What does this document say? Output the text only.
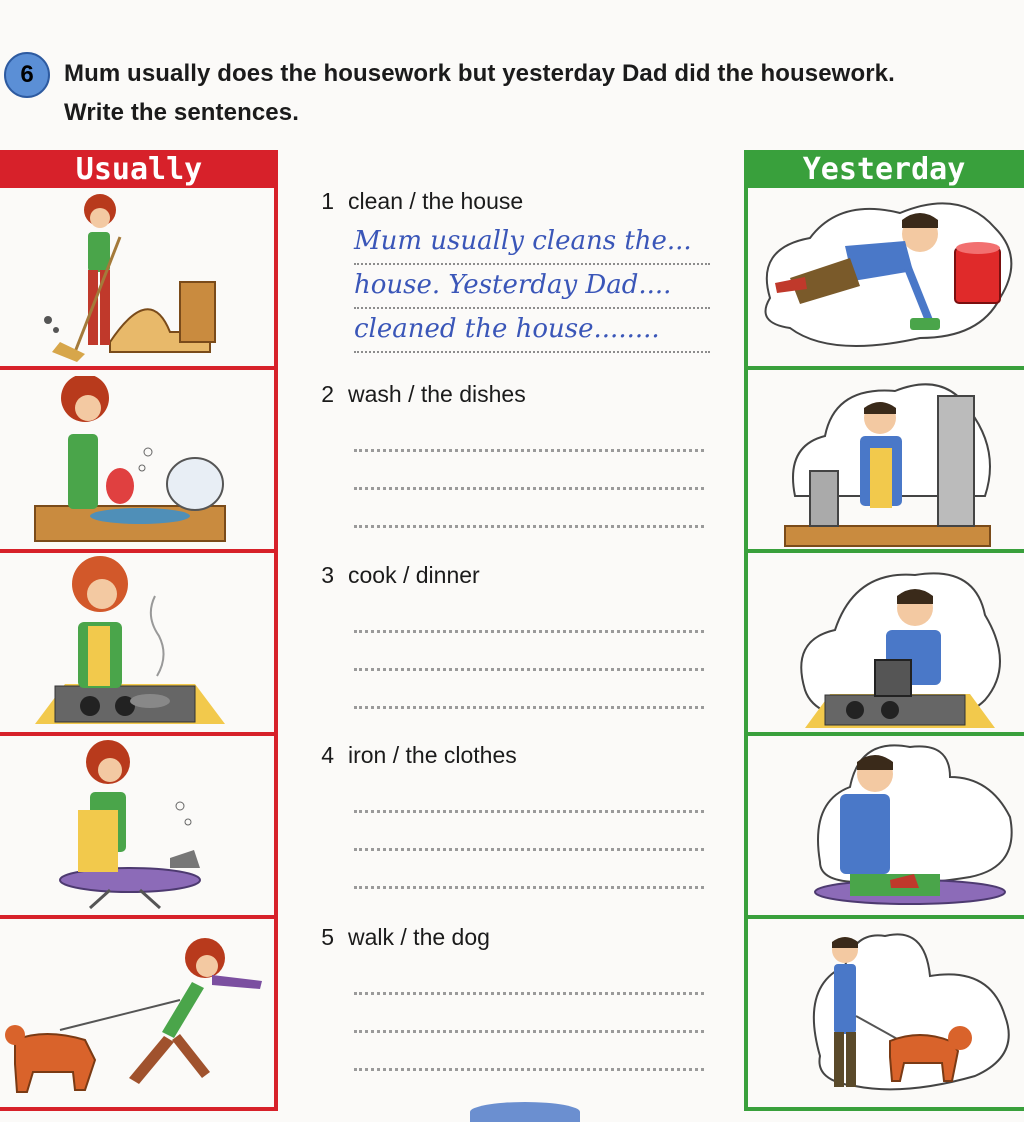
6 Mum usually does the housework but yesterday Dad did the housework.
Write the sentences.
Usually	Yesterday
1 clean / the house
Mum usually cleans the...
house. Yesterday Dad....
cleaned the house........
2 wash / the dishes
3 cook / dinner
4 iron / the clothes
5 walk / the dog
